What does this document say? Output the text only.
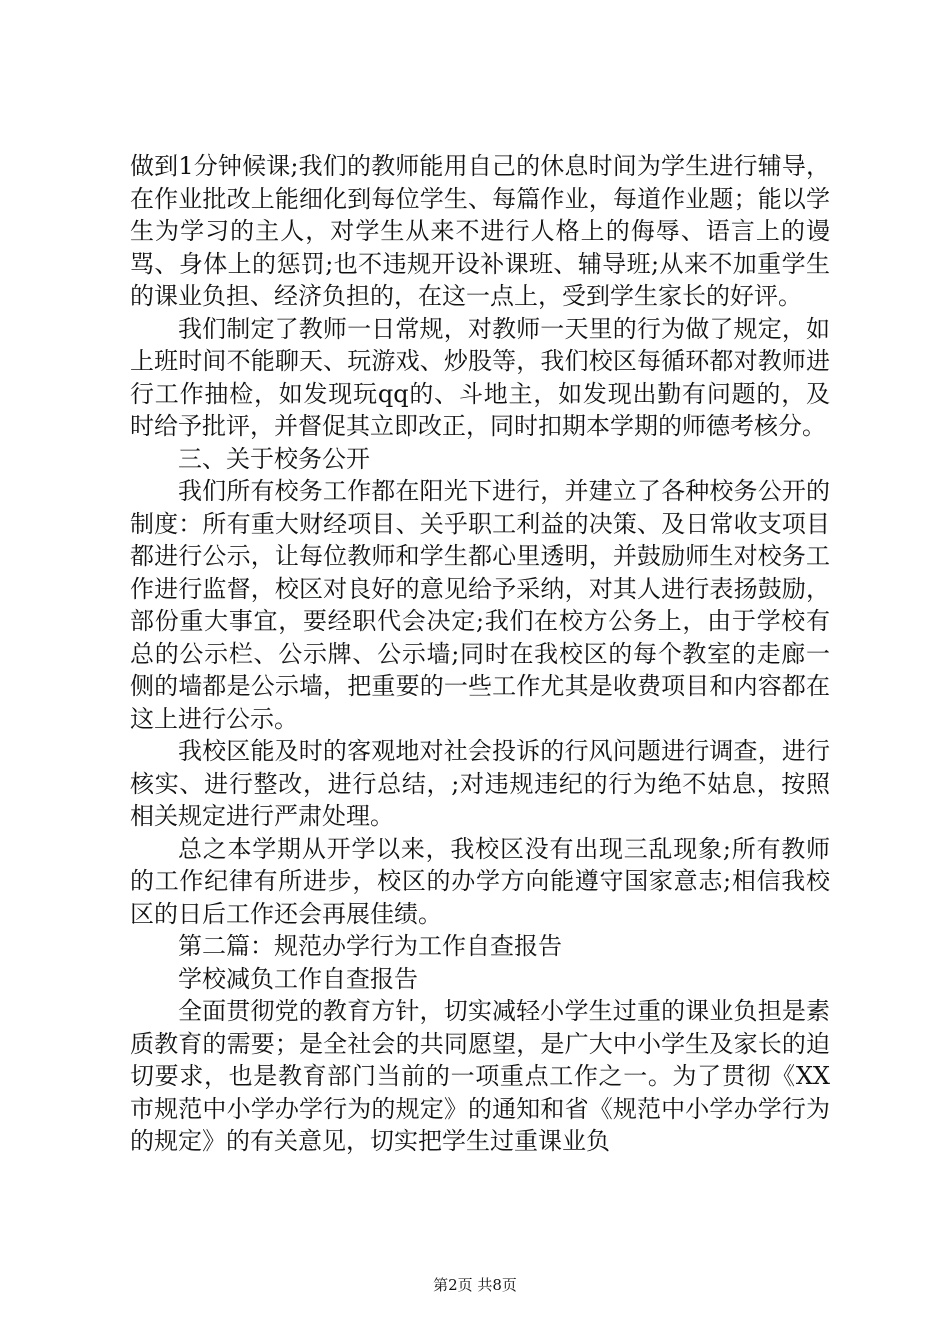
做到1分钟候课;我们的教师能用自己的休息时间为学生进行辅导，在作业批改上能细化到每位学生、每篇作业，每道作业题；能以学生为学习的主人，对学生从来不进行人格上的侮辱、语言上的谩骂、身体上的惩罚;也不违规开设补课班、辅导班;从来不加重学生的课业负担、经济负担的，在这一点上，受到学生家长的好评。

我们制定了教师一日常规，对教师一天里的行为做了规定，如上班时间不能聊天、玩游戏、炒股等，我们校区每循环都对教师进行工作抽检，如发现玩qq的、斗地主，如发现出勤有问题的，及时给予批评，并督促其立即改正，同时扣期本学期的师德考核分。

三、关于校务公开

我们所有校务工作都在阳光下进行，并建立了各种校务公开的制度：所有重大财经项目、关乎职工利益的决策、及日常收支项目都进行公示，让每位教师和学生都心里透明，并鼓励师生对校务工作进行监督，校区对良好的意见给予采纳，对其人进行表扬鼓励，部份重大事宜，要经职代会决定;我们在校方公务上，由于学校有总的公示栏、公示牌、公示墙;同时在我校区的每个教室的走廊一侧的墙都是公示墙，把重要的一些工作尤其是收费项目和内容都在这上进行公示。

我校区能及时的客观地对社会投诉的行风问题进行调查，进行核实、进行整改，进行总结，;对违规违纪的行为绝不姑息，按照相关规定进行严肃处理。

总之本学期从开学以来，我校区没有出现三乱现象;所有教师的工作纪律有所进步，校区的办学方向能遵守国家意志;相信我校区的日后工作还会再展佳绩。

第二篇：规范办学行为工作自查报告

学校减负工作自查报告

全面贯彻党的教育方针，切实减轻小学生过重的课业负担是素质教育的需要；是全社会的共同愿望，是广大中小学生及家长的迫切要求，也是教育部门当前的一项重点工作之一。为了贯彻《XX市规范中小学办学行为的规定》的通知和省《规范中小学办学行为的规定》的有关意见，切实把学生过重课业负

第2页 共8页
